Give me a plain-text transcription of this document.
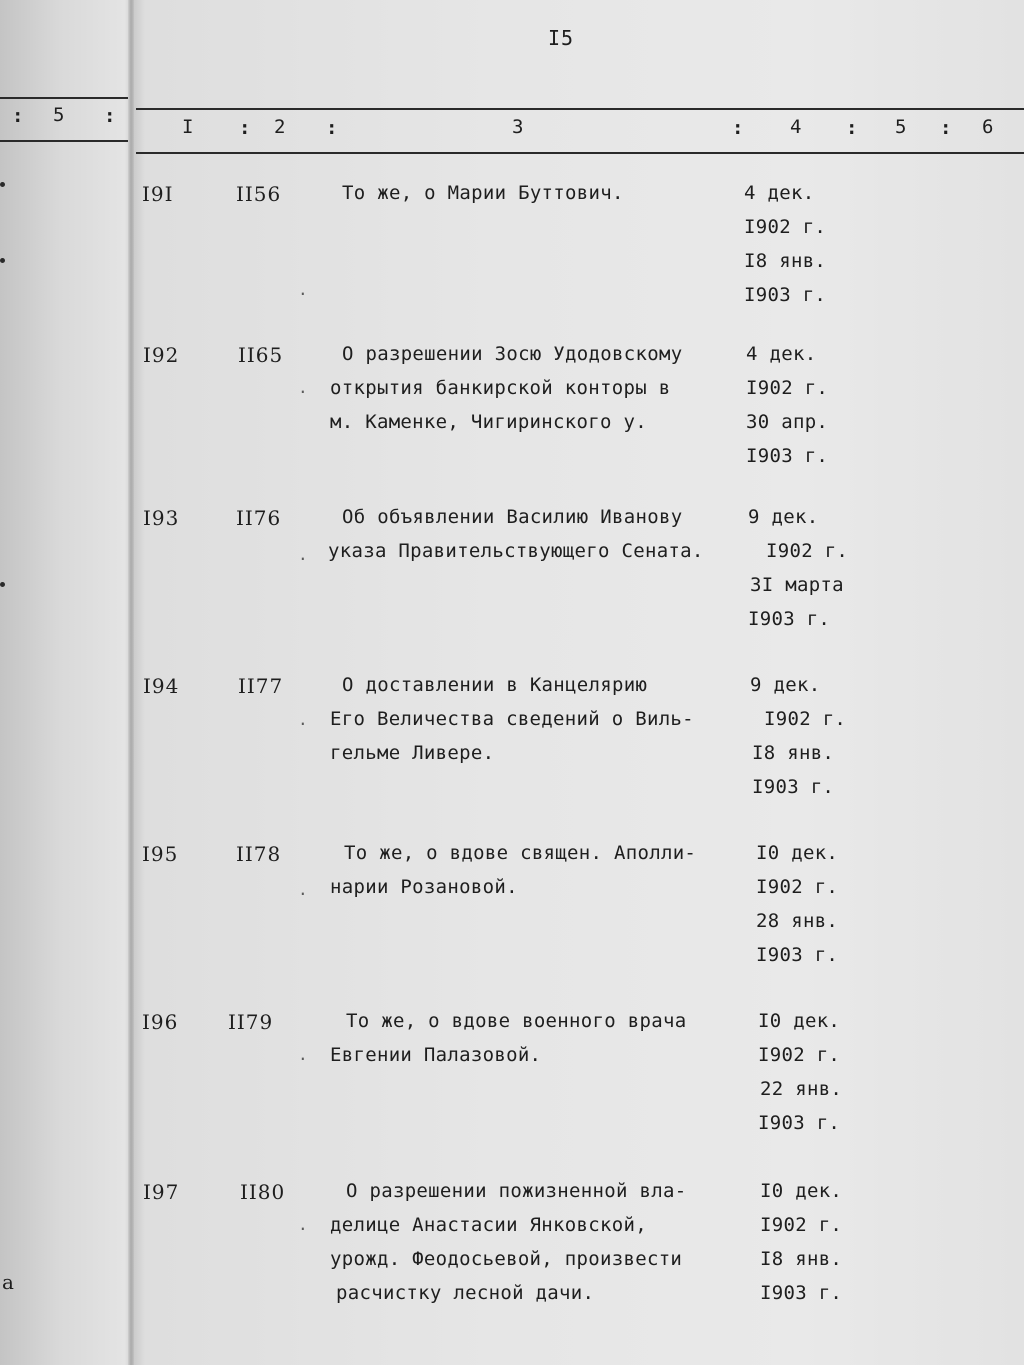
I5
: 5 :	I : 2 :	3	: 4 : 5 : 6
a
I9I	II56	То же, о Марии Буттович.	4 дек.
I902 г.
I8 янв.
I903 г.
I92	II65	О разрешении Зосю Удодовскому
открытия банкирской конторы в
м. Каменке, Чигиринского у.
4 дек.
I902 г.
30 апр.
I903 г.
I93	II76	Об объявлении Василию Иванову
указа Правительствующего Сената.
9 дек.
I902 г.
3I марта
I903 г.
I94	II77	О доставлении в Канцелярию
Его Величества сведений о Виль-
гельме Ливере.
9 дек.
I902 г.
I8 янв.
I903 г.
I95	II78	То же, о вдове священ. Аполли-
нарии Розановой.
I0 дек.
I902 г.
28 янв.
I903 г.
I96 II79	То же, о вдове военного врача
Евгении Палазовой.
I0 дек.
I902 г.
22 янв.
I903 г.
I97	II80	О разрешении пожизненной вла-
делице Анастасии Янковской,
урожд. Феодосьевой, произвести
расчистку лесной дачи.
I0 дек.
I902 г.
I8 янв.
I903 г.
.
.
.
.
.
.
.
